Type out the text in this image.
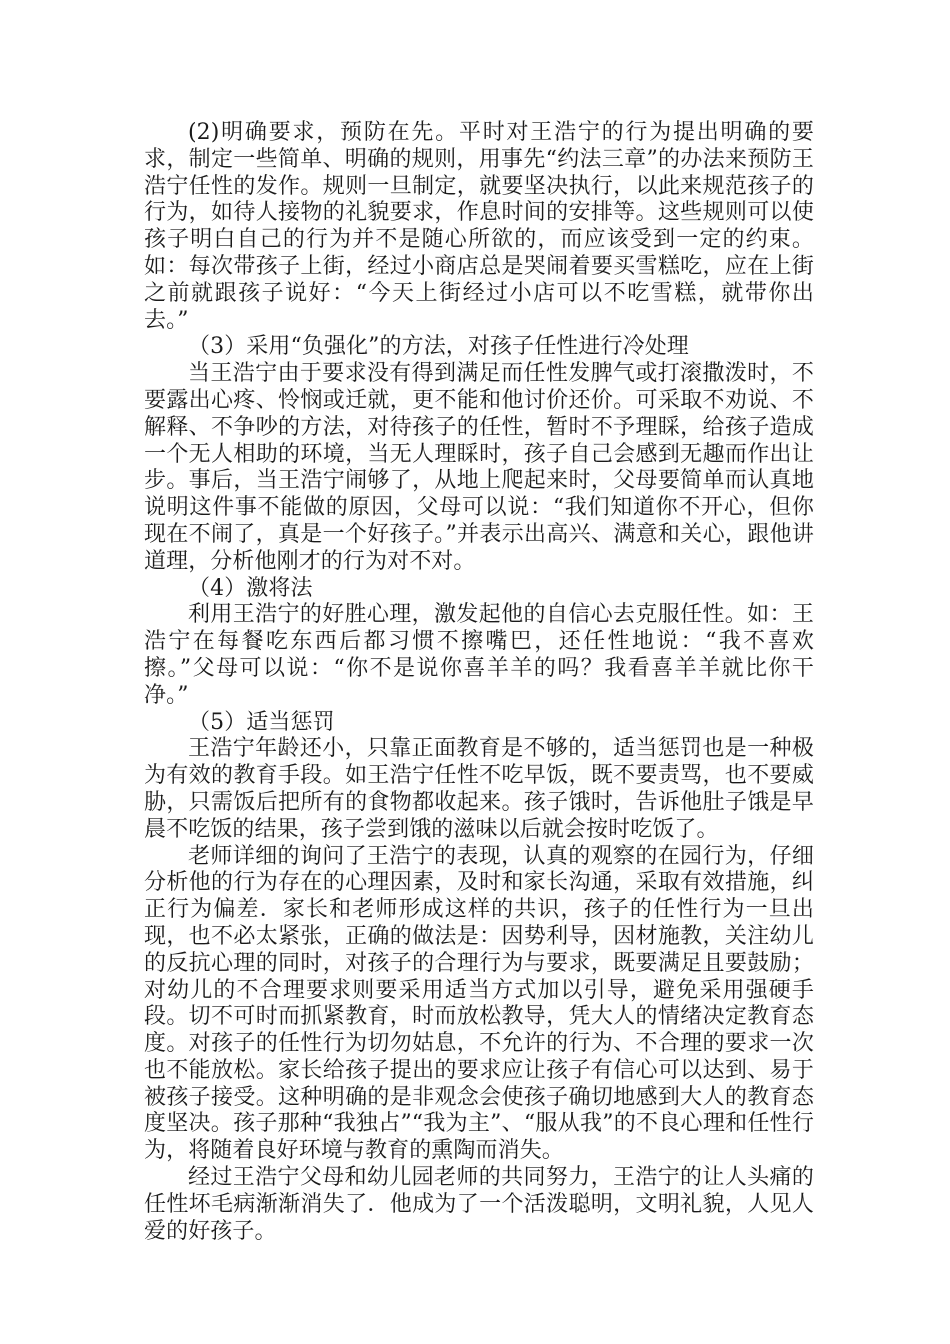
(2)明确要求，预防在先。平时对王浩宁的行为提出明确的要求，制定一些简单、明确的规则，用事先“约法三章”的办法来预防王浩宁任性的发作。规则一旦制定，就要坚决执行，以此来规范孩子的行为，如待人接物的礼貌要求，作息时间的安排等。这些规则可以使孩子明白自己的行为并不是随心所欲的，而应该受到一定的约束。如：每次带孩子上街，经过小商店总是哭闹着要买雪糕吃，应在上街之前就跟孩子说好：“今天上街经过小店可以不吃雪糕，就带你出去。”

（3）采用“负强化”的方法，对孩子任性进行冷处理

当王浩宁由于要求没有得到满足而任性发脾气或打滚撒泼时，不要露出心疼、怜悯或迁就，更不能和他讨价还价。可采取不劝说、不解释、不争吵的方法，对待孩子的任性，暂时不予理睬，给孩子造成一个无人相助的环境，当无人理睬时，孩子自己会感到无趣而作出让步。事后，当王浩宁闹够了，从地上爬起来时，父母要简单而认真地说明这件事不能做的原因，父母可以说：“我们知道你不开心，但你现在不闹了，真是一个好孩子。”并表示出高兴、满意和关心，跟他讲道理，分析他刚才的行为对不对。

（4）激将法

利用王浩宁的好胜心理，激发起他的自信心去克服任性。如：王浩宁在每餐吃东西后都习惯不擦嘴巴，还任性地说：“我不喜欢擦。”父母可以说：“你不是说你喜羊羊的吗？我看喜羊羊就比你干净。”

（5）适当惩罚

王浩宁年龄还小，只靠正面教育是不够的，适当惩罚也是一种极为有效的教育手段。如王浩宁任性不吃早饭，既不要责骂，也不要威胁，只需饭后把所有的食物都收起来。孩子饿时，告诉他肚子饿是早晨不吃饭的结果，孩子尝到饿的滋味以后就会按时吃饭了。

老师详细的询问了王浩宁的表现，认真的观察的在园行为，仔细分析他的行为存在的心理因素，及时和家长沟通，采取有效措施，纠正行为偏差．家长和老师形成这样的共识，孩子的任性行为一旦出现，也不必太紧张，正确的做法是：因势利导，因材施教，关注幼儿的反抗心理的同时，对孩子的合理行为与要求，既要满足且要鼓励；对幼儿的不合理要求则要采用适当方式加以引导，避免采用强硬手段。切不可时而抓紧教育，时而放松教导，凭大人的情绪决定教育态度。对孩子的任性行为切勿姑息，不允许的行为、不合理的要求一次也不能放松。家长给孩子提出的要求应让孩子有信心可以达到、易于被孩子接受。这种明确的是非观念会使孩子确切地感到大人的教育态度坚决。孩子那种“我独占”“我为主”、“服从我”的不良心理和任性行为，将随着良好环境与教育的熏陶而消失。

经过王浩宁父母和幼儿园老师的共同努力，王浩宁的让人头痛的任性坏毛病渐渐消失了．他成为了一个活泼聪明，文明礼貌，人见人爱的好孩子。
